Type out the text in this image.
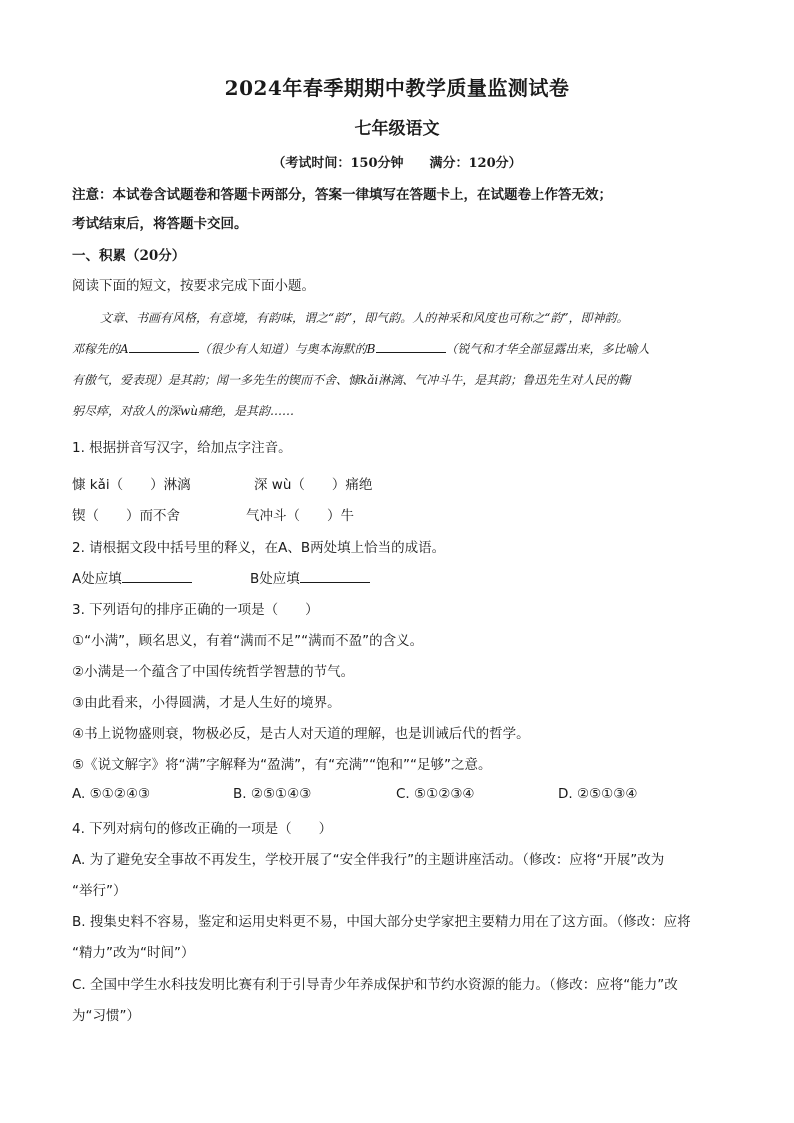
2024年春季期期中教学质量监测试卷
七年级语文
（考试时间：150分钟　　满分：120分）
注意：本试卷含试题卷和答题卡两部分，答案一律填写在答题卡上，在试题卷上作答无效；
考试结束后，将答题卡交回。
一、积累（20分）
阅读下面的短文，按要求完成下面小题。
文章、书画有风格，有意境，有韵味，谓之“韵”，即气韵。人的神采和风度也可称之“韵”，即神韵。
邓稼先的A	（很少有人知道）与奥本海默的B	（锐气和才华全部显露出来，多比喻人
有傲气，爱表现）是其韵；闻一多先生的锲而不舍、慷kǎi淋漓、气冲斗牛，是其韵；鲁迅先生对人民的鞠
躬尽瘁，对敌人的深wù痛绝，是其韵……
1. 根据拼音写汉字，给加点字注音。
慷 kǎi（　　）淋漓	深 wù（　　）痛绝
锲（　　）而不舍	气冲斗（　　）牛
2. 请根据文段中括号里的释义，在A、B两处填上恰当的成语。
A处应填	B处应填
3. 下列语句的排序正确的一项是（　　）
①“小满”，顾名思义，有着“满而不足”“满而不盈”的含义。
②小满是一个蕴含了中国传统哲学智慧的节气。
③由此看来，小得圆满，才是人生好的境界。
④书上说物盛则衰，物极必反，是古人对天道的理解，也是训诫后代的哲学。
⑤《说文解字》将“满”字解释为“盈满”，有“充满”“饱和”“足够”之意。
A. ⑤①②④③	B. ②⑤①④③	C. ⑤①②③④	D. ②⑤①③④
4. 下列对病句的修改正确的一项是（　　）
A. 为了避免安全事故不再发生，学校开展了“安全伴我行”的主题讲座活动。（修改：应将“开展”改为
“举行”）
B. 搜集史料不容易，鉴定和运用史料更不易，中国大部分史学家把主要精力用在了这方面。（修改：应将
“精力”改为“时间”）
C. 全国中学生水科技发明比赛有利于引导青少年养成保护和节约水资源的能力。（修改：应将“能力”改
为“习惯”）
